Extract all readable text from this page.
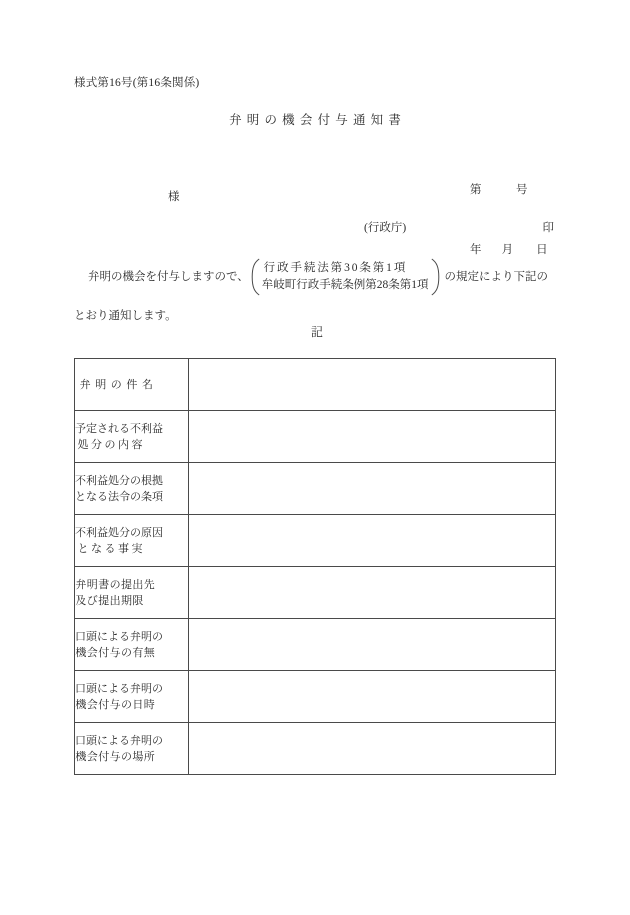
様式第16号(第16条関係)
弁明の機会付与通知書

第            号

年       月        日

様
(行政庁)	印
弁明の機会を付与しますので、
行政手続法第30条第1項
牟岐町行政手続条例第28条第1項
の規定により下記の
とおり通知します。
記
弁明の件名	

予定される不利益
処分の内容	

不利益処分の根拠
となる法令の条項	

不利益処分の原因
となる事実	

弁明書の提出先
及び提出期限	

口頭による弁明の
機会付与の有無	

口頭による弁明の
機会付与の日時	

口頭による弁明の
機会付与の場所	
